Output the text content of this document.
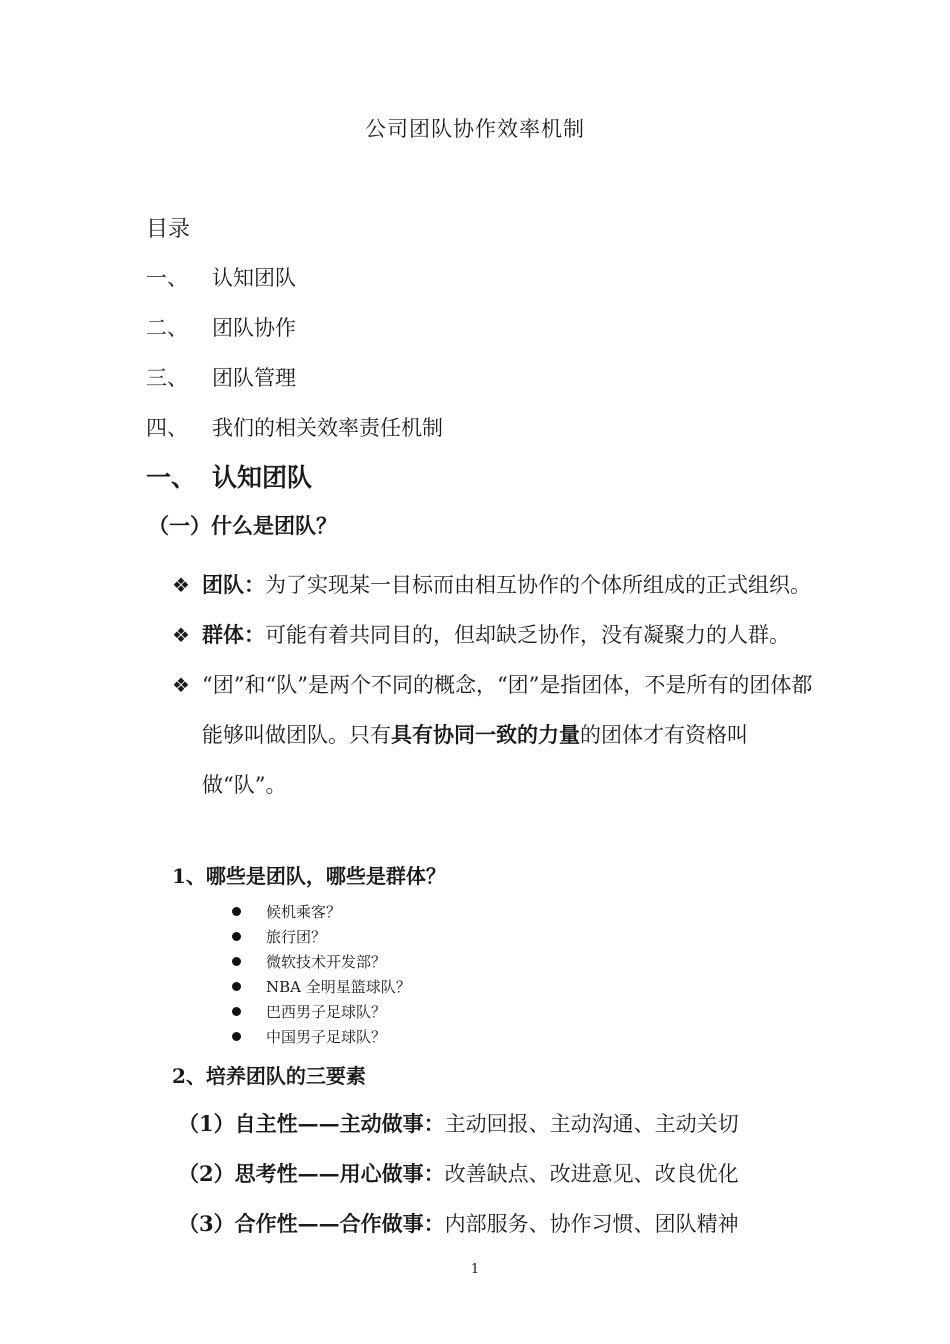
公司团队协作效率机制
目录
一、	认知团队
二、	团队协作
三、	团队管理
四、	我们的相关效率责任机制
一、 认知团队
（一）什么是团队？
❖ 团队：为了实现某一目标而由相互协作的个体所组成的正式组织。
❖ 群体：可能有着共同目的，但却缺乏协作，没有凝聚力的人群。
❖ “团”和“队”是两个不同的概念，“团”是指团体，不是所有的团体都能够叫做团队。只有具有协同一致的力量的团体才有资格叫做“队”。
1、哪些是团队，哪些是群体？
候机乘客？
旅行团？
微软技术开发部？
NBA 全明星篮球队？
巴西男子足球队？
中国男子足球队？
2、培养团队的三要素
（1）自主性——主动做事：主动回报、主动沟通、主动关切
（2）思考性——用心做事：改善缺点、改进意见、改良优化
（3）合作性——合作做事：内部服务、协作习惯、团队精神
1
